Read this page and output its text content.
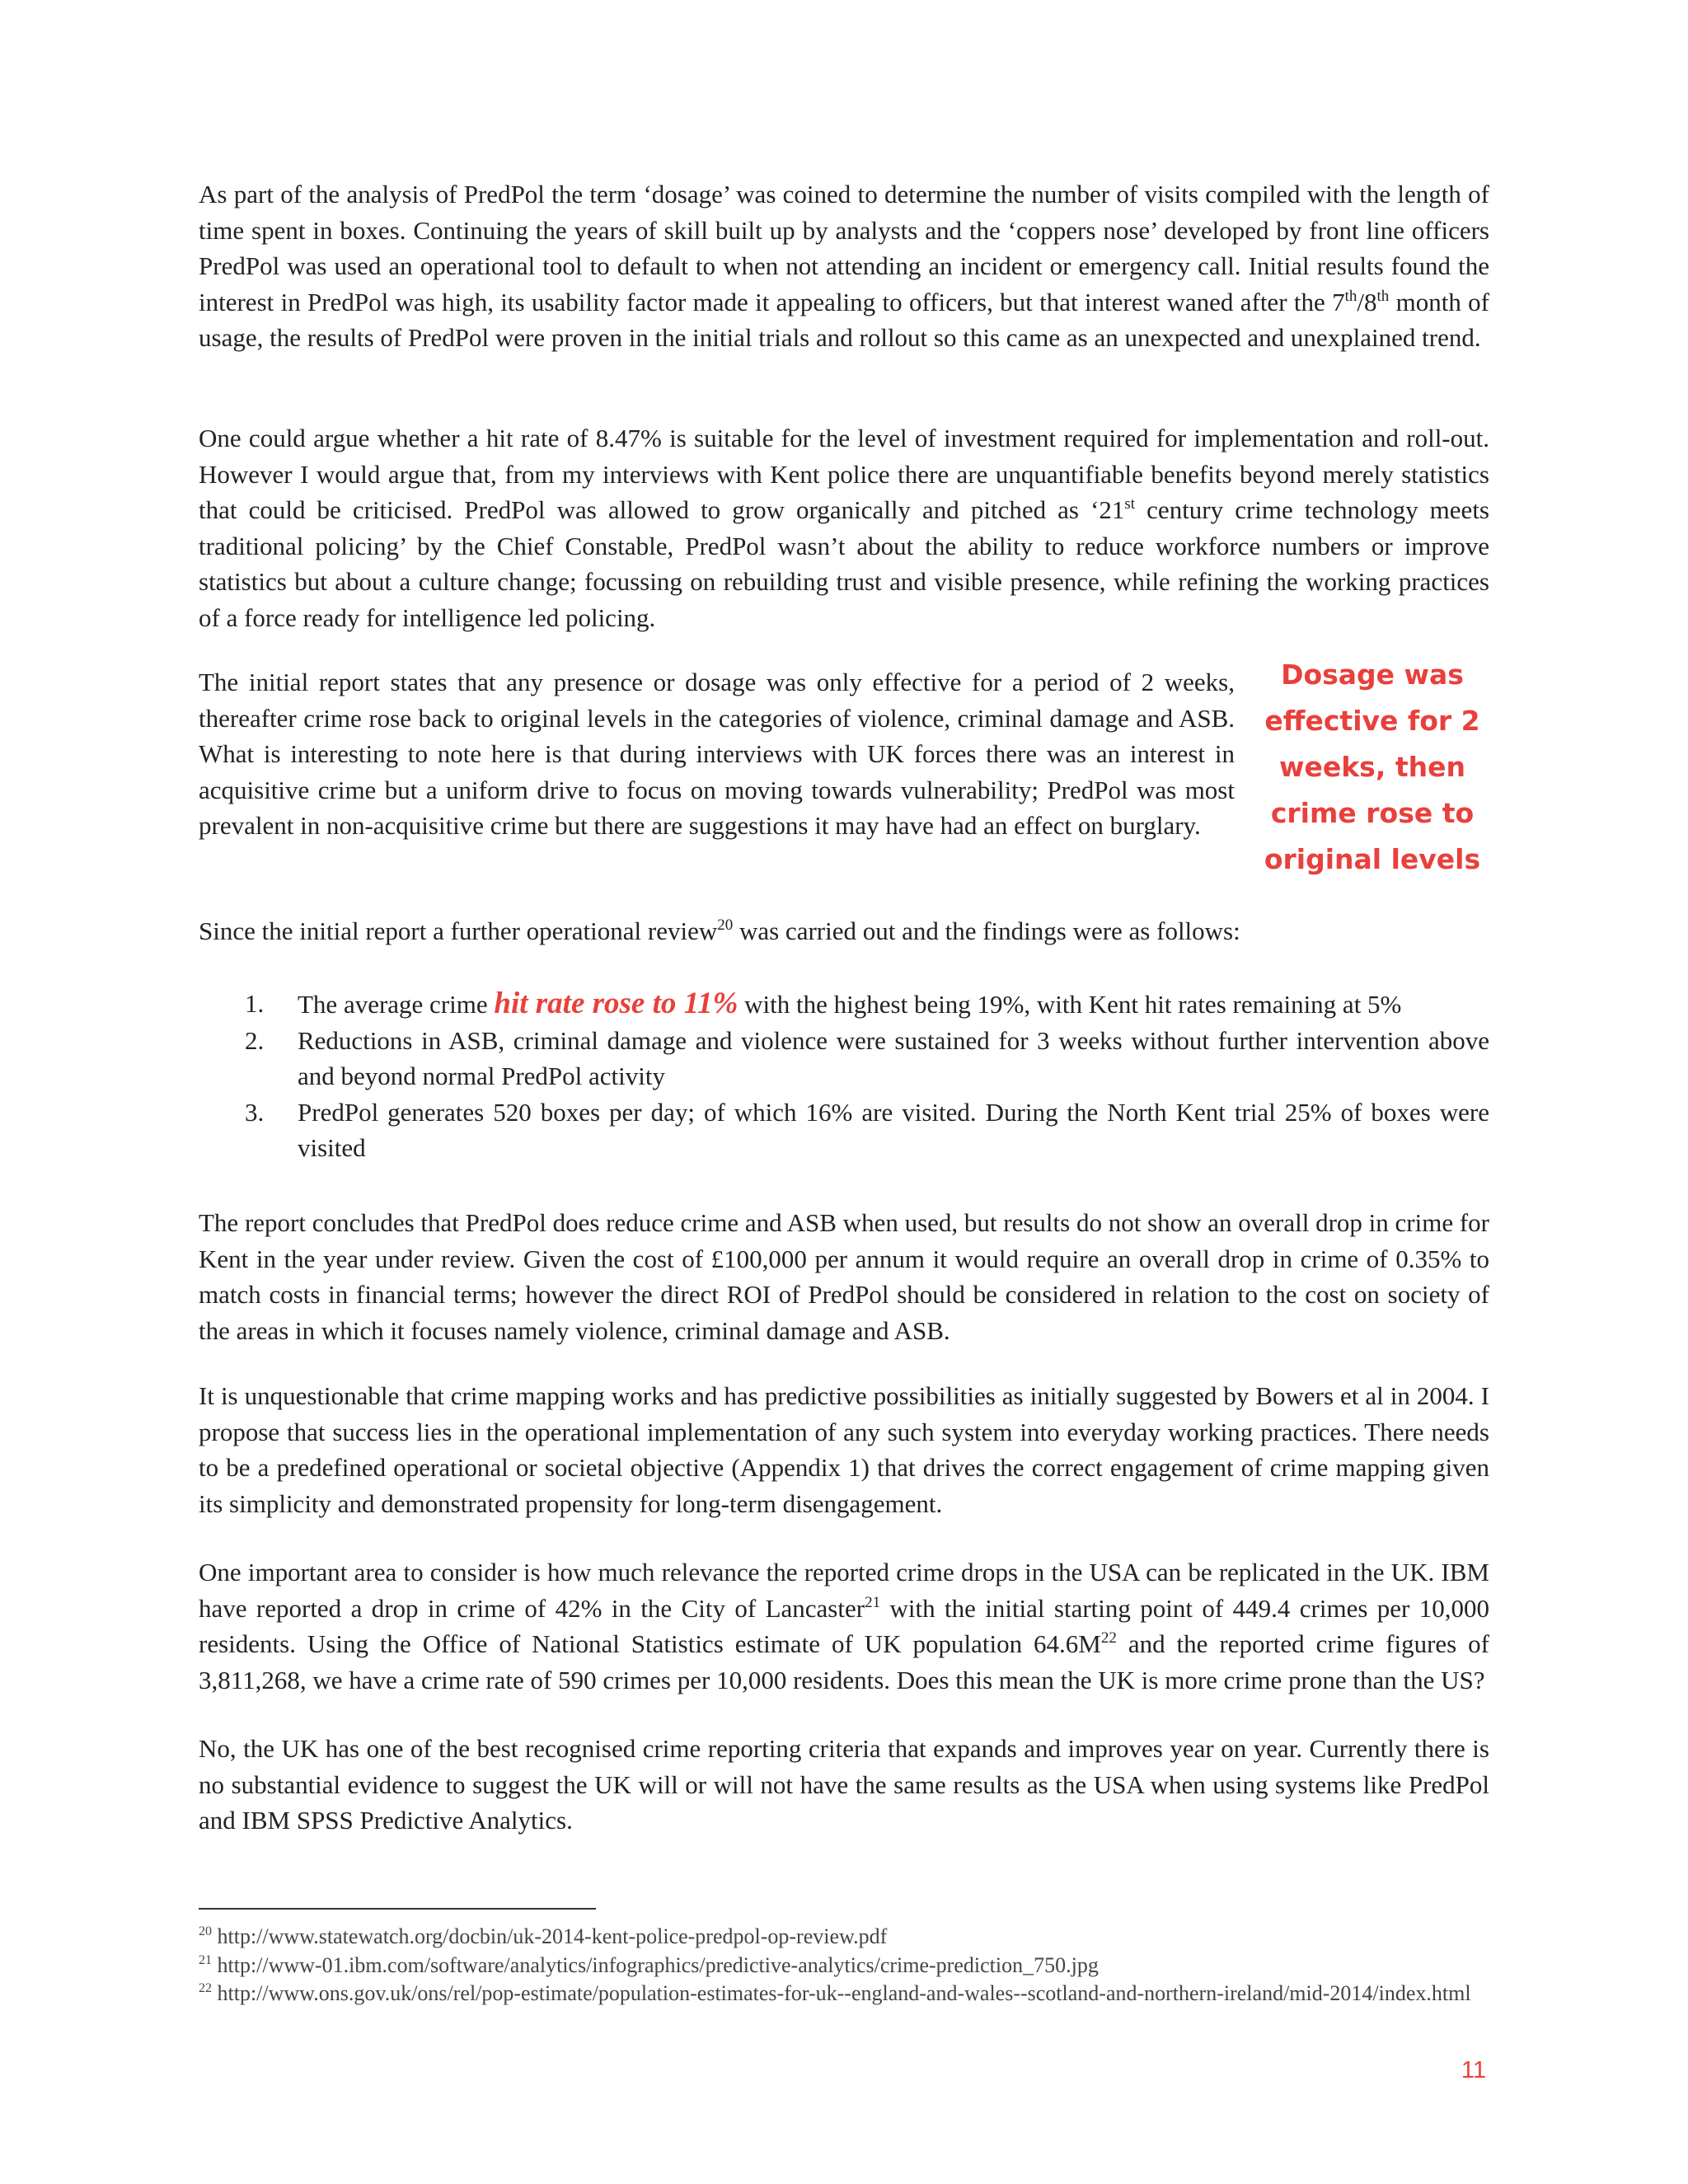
As part of the analysis of PredPol the term ‘dosage’ was coined to determine the number of visits compiled with the length of time spent in boxes. Continuing the years of skill built up by analysts and the ‘coppers nose’ developed by front line officers PredPol was used an operational tool to default to when not attending an incident or emergency call. Initial results found the interest in PredPol was high, its usability factor made it appealing to officers, but that interest waned after the 7th/8th month of usage, the results of PredPol were proven in the initial trials and rollout so this came as an unexpected and unexplained trend.

One could argue whether a hit rate of 8.47% is suitable for the level of investment required for implementation and roll-out. However I would argue that, from my interviews with Kent police there are unquantifiable benefits beyond merely statistics that could be criticised. PredPol was allowed to grow organically and pitched as ‘21st century crime technology meets traditional policing’ by the Chief Constable, PredPol wasn’t about the ability to reduce workforce numbers or improve statistics but about a culture change; focussing on rebuilding trust and visible presence, while refining the working practices of a force ready for intelligence led policing.

The initial report states that any presence or dosage was only effective for a period of 2 weeks, thereafter crime rose back to original levels in the categories of violence, criminal damage and ASB. What is interesting to note here is that during interviews with UK forces there was an interest in acquisitive crime but a uniform drive to focus on moving towards vulnerability; PredPol was most prevalent in non-acquisitive crime but there are suggestions it may have had an effect on burglary.

Dosage was
effective for 2
weeks, then
crime rose to
original levels

Since the initial report a further operational review$^{20}$ was carried out and the findings were as follows:

1. The average crime hit rate rose to 11% with the highest being 19%, with Kent hit rates remaining at 5%
2. Reductions in ASB, criminal damage and violence were sustained for 3 weeks without further intervention above and beyond normal PredPol activity
3. PredPol generates 520 boxes per day; of which 16% are visited. During the North Kent trial 25% of boxes were visited

The report concludes that PredPol does reduce crime and ASB when used, but results do not show an overall drop in crime for Kent in the year under review. Given the cost of £100,000 per annum it would require an overall drop in crime of 0.35% to match costs in financial terms; however the direct ROI of PredPol should be considered in relation to the cost on society of the areas in which it focuses namely violence, criminal damage and ASB.

It is unquestionable that crime mapping works and has predictive possibilities as initially suggested by Bowers et al in 2004. I propose that success lies in the operational implementation of any such system into everyday working practices. There needs to be a predefined operational or societal objective (Appendix 1) that drives the correct engagement of crime mapping given its simplicity and demonstrated propensity for long-term disengagement.

One important area to consider is how much relevance the reported crime drops in the USA can be replicated in the UK. IBM have reported a drop in crime of 42% in the City of Lancaster$^{21}$ with the initial starting point of 449.4 crimes per 10,000 residents. Using the Office of National Statistics estimate of UK population $64.6M^{22}$ and the reported crime figures of 3,811,268, we have a crime rate of 590 crimes per 10,000 residents. Does this mean the UK is more crime prone than the US?

No, the UK has one of the best recognised crime reporting criteria that expands and improves year on year. Currently there is no substantial evidence to suggest the UK will or will not have the same results as the USA when using systems like PredPol and IBM SPSS Predictive Analytics.

$^{20}$ http://www.statewatch.org/docbin/uk-2014-kent-police-predpol-op-review.pdf
$^{21}$ http://www-01.ibm.com/software/analytics/infographics/predictive-analytics/crime-prediction_750.jpg
$^{22}$ http://www.ons.gov.uk/ons/rel/pop-estimate/population-estimates-for-uk--england-and-wales--scotland-and-northern-ireland/mid-2014/index.html
11
